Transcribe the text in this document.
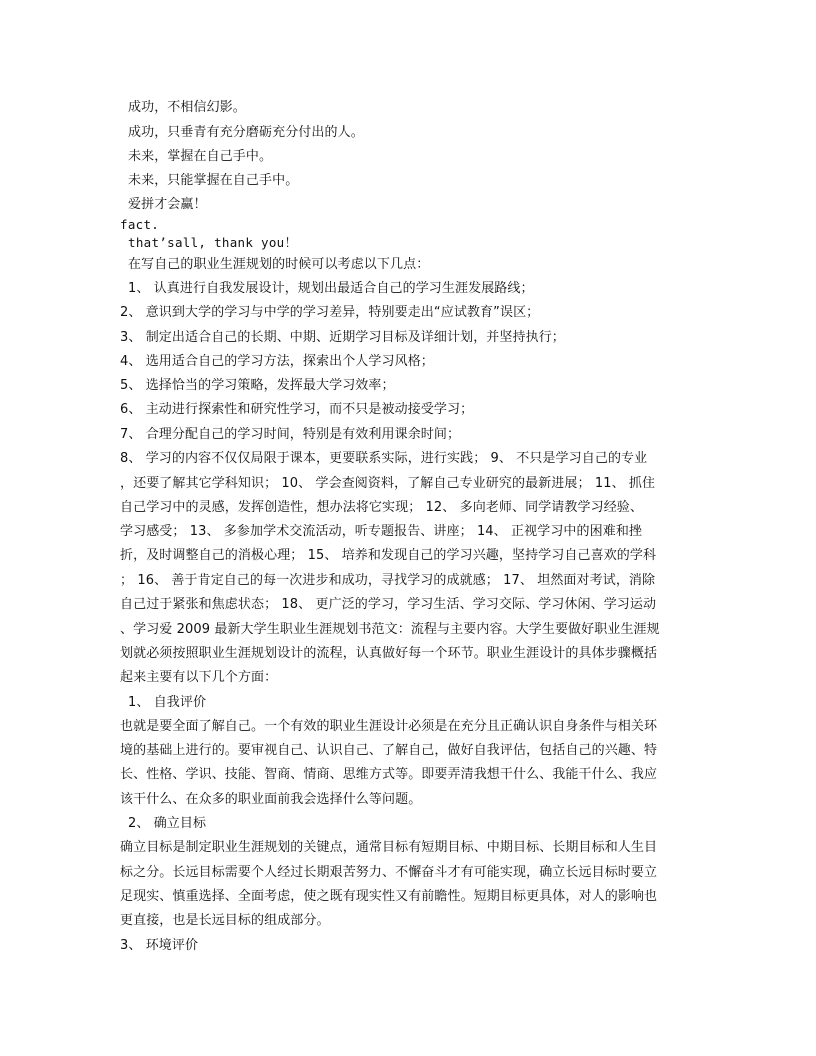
成功，不相信幻影。
成功，只垂青有充分磨砺充分付出的人。
未来，掌握在自己手中。
未来，只能掌握在自己手中。
爱拼才会赢！
fact.
that’sall, thank you！
在写自己的职业生涯规划的时候可以考虑以下几点：
1、 认真进行自我发展设计，规划出最适合自己的学习生涯发展路线；
2、 意识到大学的学习与中学的学习差异，特别要走出“应试教育”误区；
3、 制定出适合自己的长期、中期、近期学习目标及详细计划，并坚持执行；
4、 选用适合自己的学习方法，探索出个人学习风格；
5、 选择恰当的学习策略，发挥最大学习效率；
6、 主动进行探索性和研究性学习，而不只是被动接受学习；
7、 合理分配自己的学习时间，特别是有效利用课余时间；
8、 学习的内容不仅仅局限于课本，更要联系实际，进行实践； 9、 不只是学习自己的专业
，还要了解其它学科知识； 10、 学会查阅资料，了解自己专业研究的最新进展； 11、 抓住
自己学习中的灵感，发挥创造性，想办法将它实现； 12、 多向老师、同学请教学习经验、
学习感受； 13、 多参加学术交流活动，听专题报告、讲座； 14、 正视学习中的困难和挫
折，及时调整自己的消极心理； 15、 培养和发现自己的学习兴趣，坚持学习自己喜欢的学科
； 16、 善于肯定自己的每一次进步和成功，寻找学习的成就感； 17、 坦然面对考试，消除
自己过于紧张和焦虑状态； 18、 更广泛的学习，学习生活、学习交际、学习休闲、学习运动
、学习爱 2009 最新大学生职业生涯规划书范文：流程与主要内容。大学生要做好职业生涯规
划就必须按照职业生涯规划设计的流程，认真做好每一个环节。职业生涯设计的具体步骤概括
起来主要有以下几个方面：
1、 自我评价
也就是要全面了解自己。一个有效的职业生涯设计必须是在充分且正确认识自身条件与相关环
境的基础上进行的。要审视自己、认识自己、了解自己，做好自我评估，包括自己的兴趣、特
长、性格、学识、技能、智商、情商、思维方式等。即要弄清我想干什么、我能干什么、我应
该干什么、在众多的职业面前我会选择什么等问题。
2、 确立目标
确立目标是制定职业生涯规划的关键点，通常目标有短期目标、中期目标、长期目标和人生目
标之分。长远目标需要个人经过长期艰苦努力、不懈奋斗才有可能实现，确立长远目标时要立
足现实、慎重选择、全面考虑，使之既有现实性又有前瞻性。短期目标更具体，对人的影响也
更直接，也是长远目标的组成部分。
3、 环境评价
